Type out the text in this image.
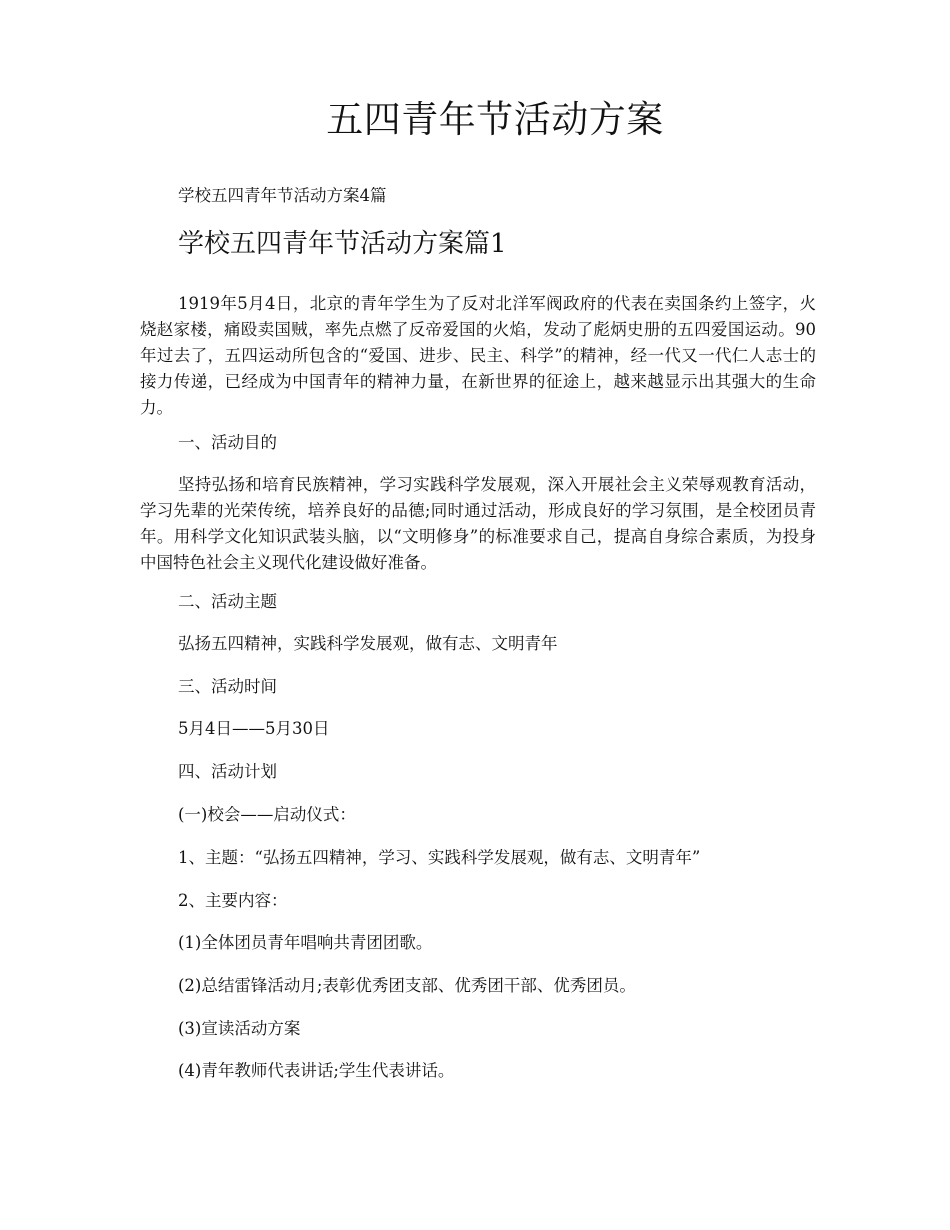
五四青年节活动方案

学校五四青年节活动方案4篇

学校五四青年节活动方案篇1

1919年5月4日，北京的青年学生为了反对北洋军阀政府的代表在卖国条约上签字，火烧赵家楼，痛殴卖国贼，率先点燃了反帝爱国的火焰，发动了彪炳史册的五四爱国运动。90年过去了，五四运动所包含的“爱国、进步、民主、科学”的精神，经一代又一代仁人志士的接力传递，已经成为中国青年的精神力量，在新世界的征途上，越来越显示出其强大的生命力。

一、活动目的

坚持弘扬和培育民族精神，学习实践科学发展观，深入开展社会主义荣辱观教育活动，学习先辈的光荣传统，培养良好的品德;同时通过活动，形成良好的学习氛围，是全校团员青年。用科学文化知识武装头脑，以“文明修身”的标准要求自己，提高自身综合素质，为投身中国特色社会主义现代化建设做好准备。

二、活动主题

弘扬五四精神，实践科学发展观，做有志、文明青年

三、活动时间

5月4日——5月30日

四、活动计划

(一)校会——启动仪式：

1、主题：“弘扬五四精神，学习、实践科学发展观，做有志、文明青年”

2、主要内容：

(1)全体团员青年唱响共青团团歌。

(2)总结雷锋活动月;表彰优秀团支部、优秀团干部、优秀团员。

(3)宣读活动方案

(4)青年教师代表讲话;学生代表讲话。
